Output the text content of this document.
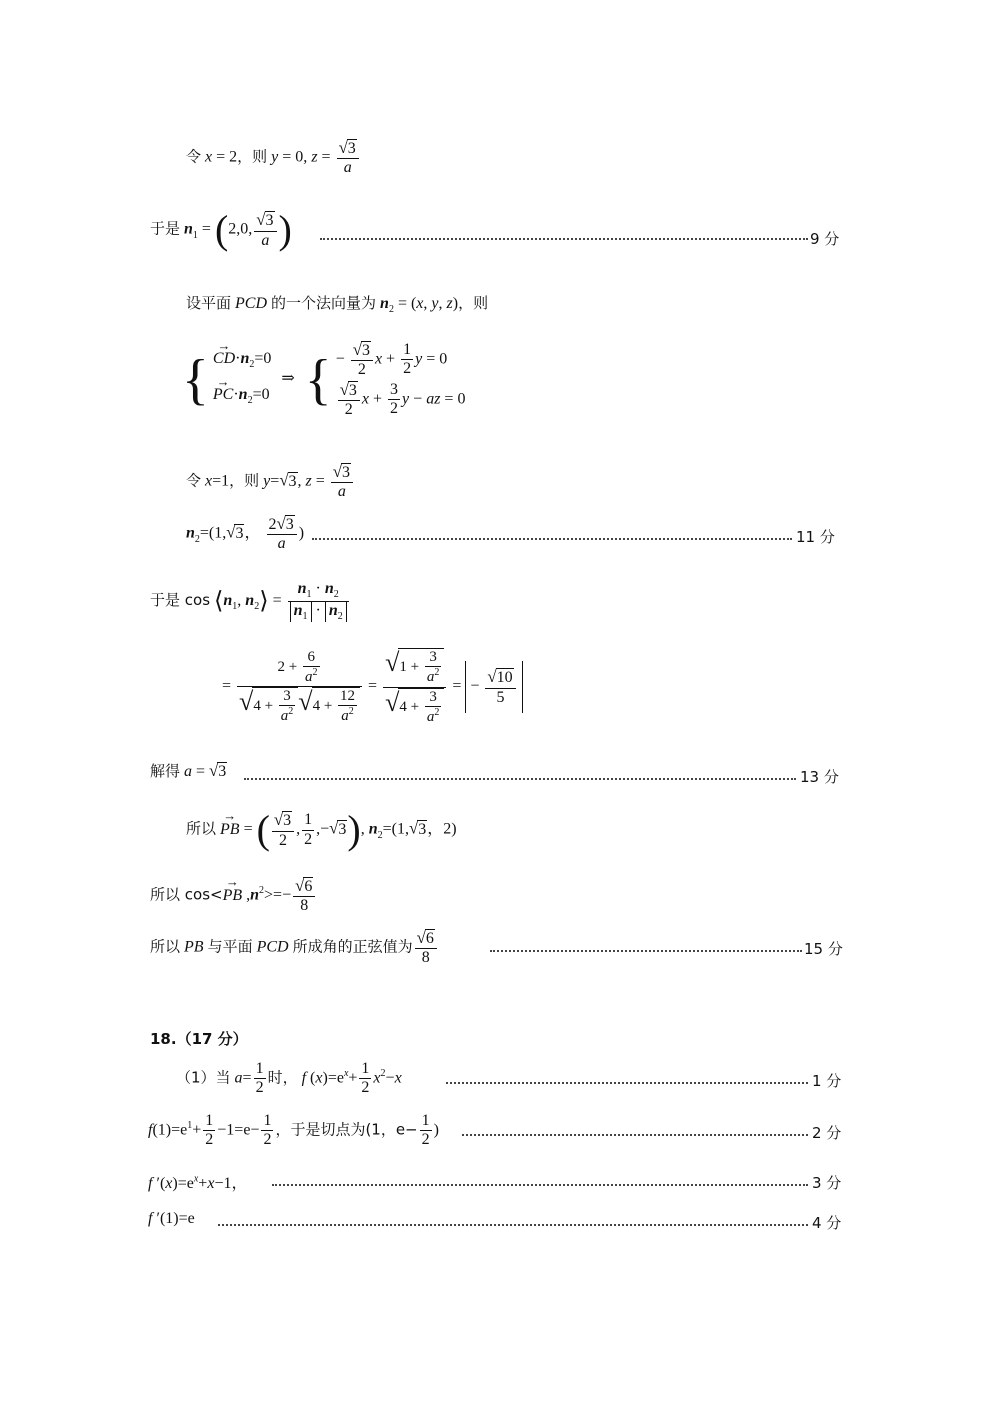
令 x = 2，则 y = 0, $z = \frac{√3}{a}$
于是 $n_1 = (2,0$, $\frac{√3}{a}$ )	9 分
设平面 PCD 的一个法向量为 $n_2 = (x$, y, z)，则
{ → $CD\cdot n_2=0$
→ $PC\cdot n_2=0$ ⇒ { − $\frac{√3}{2}$ $x + \frac{1}{2}$ y = 0

$\frac{√3}{2}$ $x + \frac{3}{2}$ y − az = 0
令 x=1，则 y=√3, $z = \frac{√3}{a}$
$n_2=(1,√3$， $\frac{2√3}{a}$ )	11 分
于是 $\cos ⟨n_1$, $n_2⟩ = \frac{n_1 \cdot n_2}{n_1 \cdot n_2}$
= $\frac{2 + \frac{6}{a^2}}{√4 + \frac{3}{a^2} √4 + \frac{12}{a^2}} = \frac{√1 + \frac{3}{a^2}}{√4 + \frac{3}{a^2}}$ = − $\frac{√10}{5}$
解得 a = √3	13 分
所以 → PB = ( $\frac{√3}{2}$ , $\frac{1}{2} ,-√3$), $n_2=(1,√3$，2)
所以 cos<→ PB $,n^2>=- \frac{√6}{8}$
所以 PB 与平面 PCD 所成角的正弦值为 $\frac{√6}{8}$	15 分
18.（17 分）
（1）当 $a= \frac{1}{2}$ 时， f $(x)=e^x+ \frac{1}{2} x^2-x$	1 分
$f(1)=e^1+ \frac{1}{2} -1=e- \frac{1}{2}$ ，于是切点为(1，$e- \frac{1}{2}$ )	2 分
f $'(x)=e^x+x-1$，	3 分
f ′(1)=e	4 分
